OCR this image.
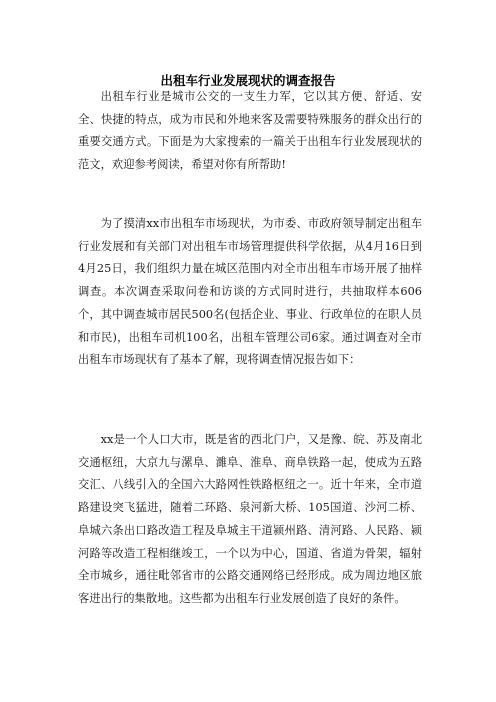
出租车行业发展现状的调查报告

出租车行业是城市公交的一支生力军，它以其方便、舒适、安全、快捷的特点，成为市民和外地来客及需要特殊服务的群众出行的重要交通方式。下面是为大家搜索的一篇关于出租车行业发展现状的范文，欢迎参考阅读，希望对你有所帮助!

为了摸清xx市出租车市场现状，为市委、市政府领导制定出租车行业发展和有关部门对出租车市场管理提供科学依据，从4月16日到4月25日，我们组织力量在城区范围内对全市出租车市场开展了抽样调查。本次调查采取问卷和访谈的方式同时进行，共抽取样本606个，其中调查城市居民500名(包括企业、事业、行政单位的在职人员和市民)，出租车司机100名，出租车管理公司6家。通过调查对全市出租车市场现状有了基本了解，现将调查情况报告如下：

xx是一个人口大市，既是省的西北门户，又是豫、皖、苏及南北交通枢纽，大京九与漯阜、濉阜、淮阜、商阜铁路一起，使成为五路交汇、八线引入的全国六大路网性铁路枢纽之一。近十年来，全市道路建设突飞猛进，随着二环路、泉河新大桥、105国道、沙河二桥、阜城六条出口路改造工程及阜城主干道颍州路、清河路、人民路、颍河路等改造工程相继竣工，一个以为中心，国道、省道为骨架，辐射全市城乡，通往毗邻省市的公路交通网络已经形成。成为周边地区旅客进出行的集散地。这些都为出租车行业发展创造了良好的条件。
